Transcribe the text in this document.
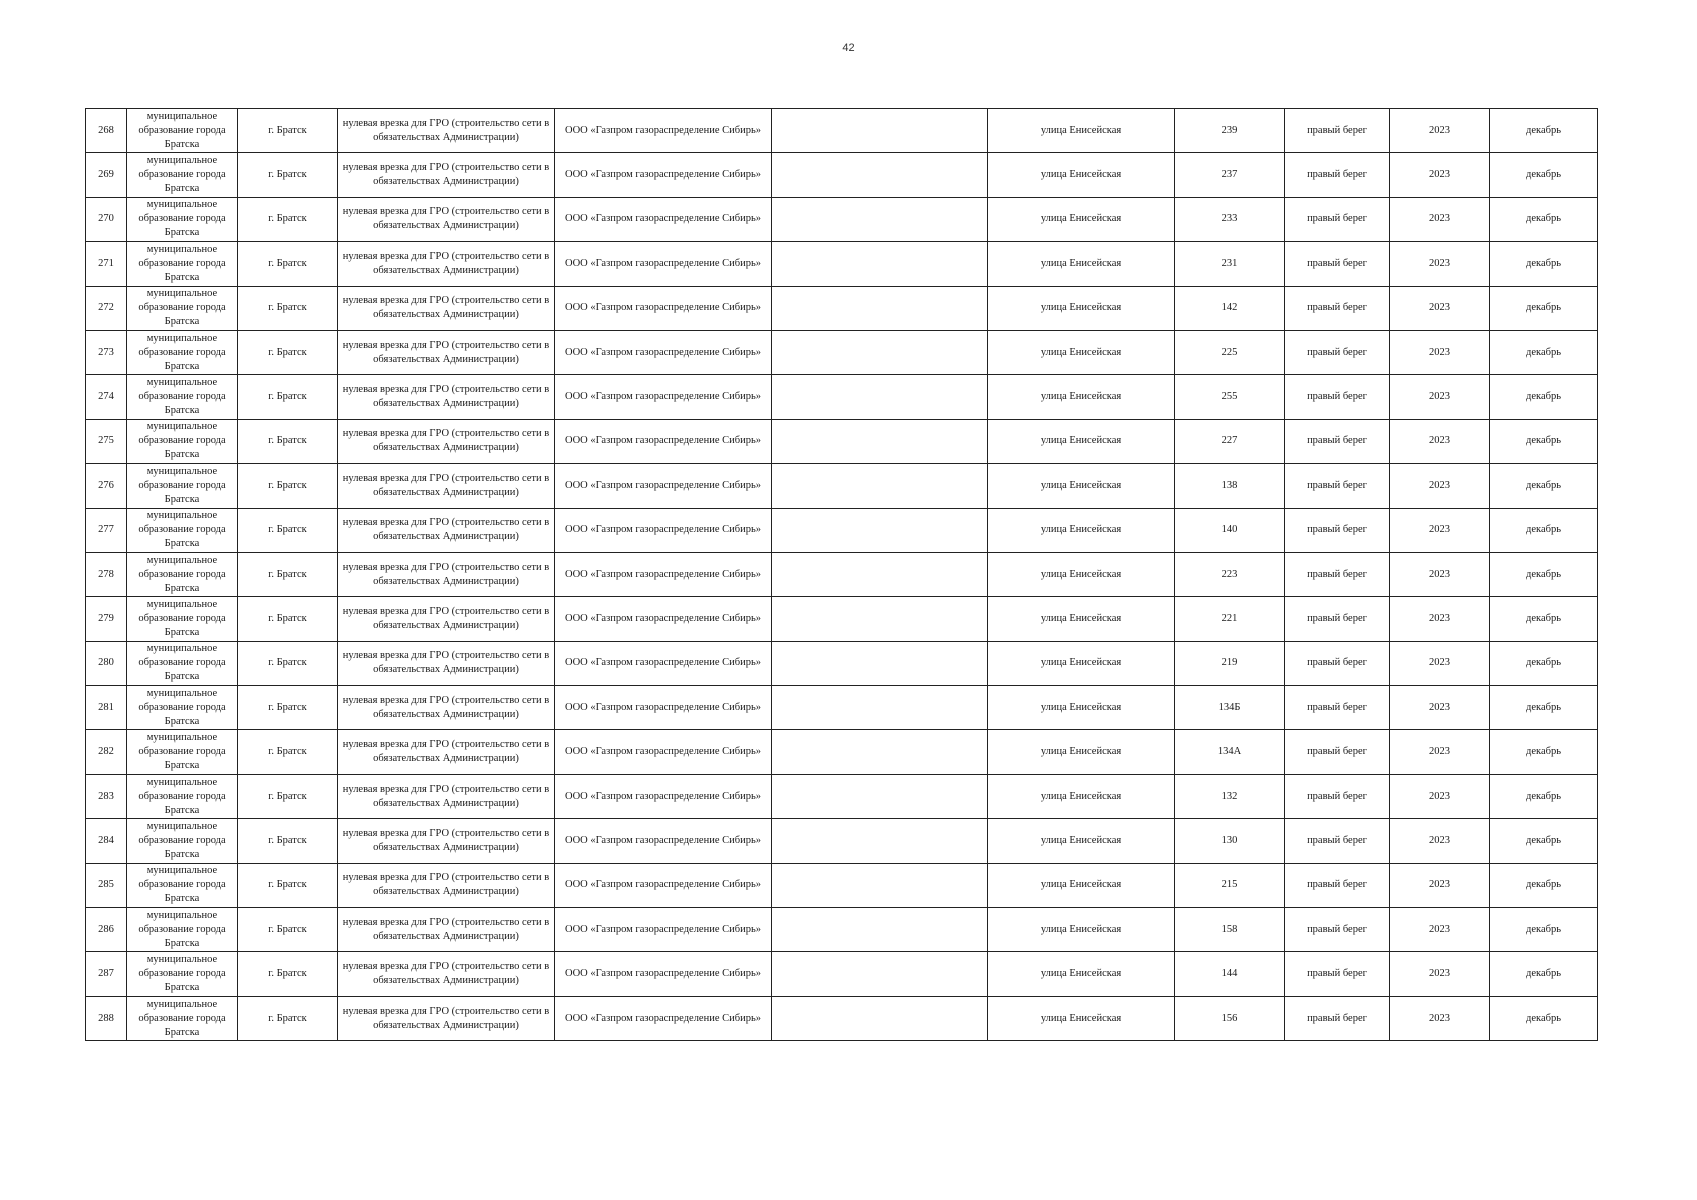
42
268	муниципальное образование города Братска	г. Братск	нулевая врезка для ГРО (строительство сети в обязательствах Администрации)	ООО «Газпром газораспределение Сибирь»		улица Енисейская	239	правый берег	2023	декабрь
269	муниципальное образование города Братска	г. Братск	нулевая врезка для ГРО (строительство сети в обязательствах Администрации)	ООО «Газпром газораспределение Сибирь»		улица Енисейская	237	правый берег	2023	декабрь
270	муниципальное образование города Братска	г. Братск	нулевая врезка для ГРО (строительство сети в обязательствах Администрации)	ООО «Газпром газораспределение Сибирь»		улица Енисейская	233	правый берег	2023	декабрь
271	муниципальное образование города Братска	г. Братск	нулевая врезка для ГРО (строительство сети в обязательствах Администрации)	ООО «Газпром газораспределение Сибирь»		улица Енисейская	231	правый берег	2023	декабрь
272	муниципальное образование города Братска	г. Братск	нулевая врезка для ГРО (строительство сети в обязательствах Администрации)	ООО «Газпром газораспределение Сибирь»		улица Енисейская	142	правый берег	2023	декабрь
273	муниципальное образование города Братска	г. Братск	нулевая врезка для ГРО (строительство сети в обязательствах Администрации)	ООО «Газпром газораспределение Сибирь»		улица Енисейская	225	правый берег	2023	декабрь
274	муниципальное образование города Братска	г. Братск	нулевая врезка для ГРО (строительство сети в обязательствах Администрации)	ООО «Газпром газораспределение Сибирь»		улица Енисейская	255	правый берег	2023	декабрь
275	муниципальное образование города Братска	г. Братск	нулевая врезка для ГРО (строительство сети в обязательствах Администрации)	ООО «Газпром газораспределение Сибирь»		улица Енисейская	227	правый берег	2023	декабрь
276	муниципальное образование города Братска	г. Братск	нулевая врезка для ГРО (строительство сети в обязательствах Администрации)	ООО «Газпром газораспределение Сибирь»		улица Енисейская	138	правый берег	2023	декабрь
277	муниципальное образование города Братска	г. Братск	нулевая врезка для ГРО (строительство сети в обязательствах Администрации)	ООО «Газпром газораспределение Сибирь»		улица Енисейская	140	правый берег	2023	декабрь
278	муниципальное образование города Братска	г. Братск	нулевая врезка для ГРО (строительство сети в обязательствах Администрации)	ООО «Газпром газораспределение Сибирь»		улица Енисейская	223	правый берег	2023	декабрь
279	муниципальное образование города Братска	г. Братск	нулевая врезка для ГРО (строительство сети в обязательствах Администрации)	ООО «Газпром газораспределение Сибирь»		улица Енисейская	221	правый берег	2023	декабрь
280	муниципальное образование города Братска	г. Братск	нулевая врезка для ГРО (строительство сети в обязательствах Администрации)	ООО «Газпром газораспределение Сибирь»		улица Енисейская	219	правый берег	2023	декабрь
281	муниципальное образование города Братска	г. Братск	нулевая врезка для ГРО (строительство сети в обязательствах Администрации)	ООО «Газпром газораспределение Сибирь»		улица Енисейская	134Б	правый берег	2023	декабрь
282	муниципальное образование города Братска	г. Братск	нулевая врезка для ГРО (строительство сети в обязательствах Администрации)	ООО «Газпром газораспределение Сибирь»		улица Енисейская	134А	правый берег	2023	декабрь
283	муниципальное образование города Братска	г. Братск	нулевая врезка для ГРО (строительство сети в обязательствах Администрации)	ООО «Газпром газораспределение Сибирь»		улица Енисейская	132	правый берег	2023	декабрь
284	муниципальное образование города Братска	г. Братск	нулевая врезка для ГРО (строительство сети в обязательствах Администрации)	ООО «Газпром газораспределение Сибирь»		улица Енисейская	130	правый берег	2023	декабрь
285	муниципальное образование города Братска	г. Братск	нулевая врезка для ГРО (строительство сети в обязательствах Администрации)	ООО «Газпром газораспределение Сибирь»		улица Енисейская	215	правый берег	2023	декабрь
286	муниципальное образование города Братска	г. Братск	нулевая врезка для ГРО (строительство сети в обязательствах Администрации)	ООО «Газпром газораспределение Сибирь»		улица Енисейская	158	правый берег	2023	декабрь
287	муниципальное образование города Братска	г. Братск	нулевая врезка для ГРО (строительство сети в обязательствах Администрации)	ООО «Газпром газораспределение Сибирь»		улица Енисейская	144	правый берег	2023	декабрь
288	муниципальное образование города Братска	г. Братск	нулевая врезка для ГРО (строительство сети в обязательствах Администрации)	ООО «Газпром газораспределение Сибирь»		улица Енисейская	156	правый берег	2023	декабрь
